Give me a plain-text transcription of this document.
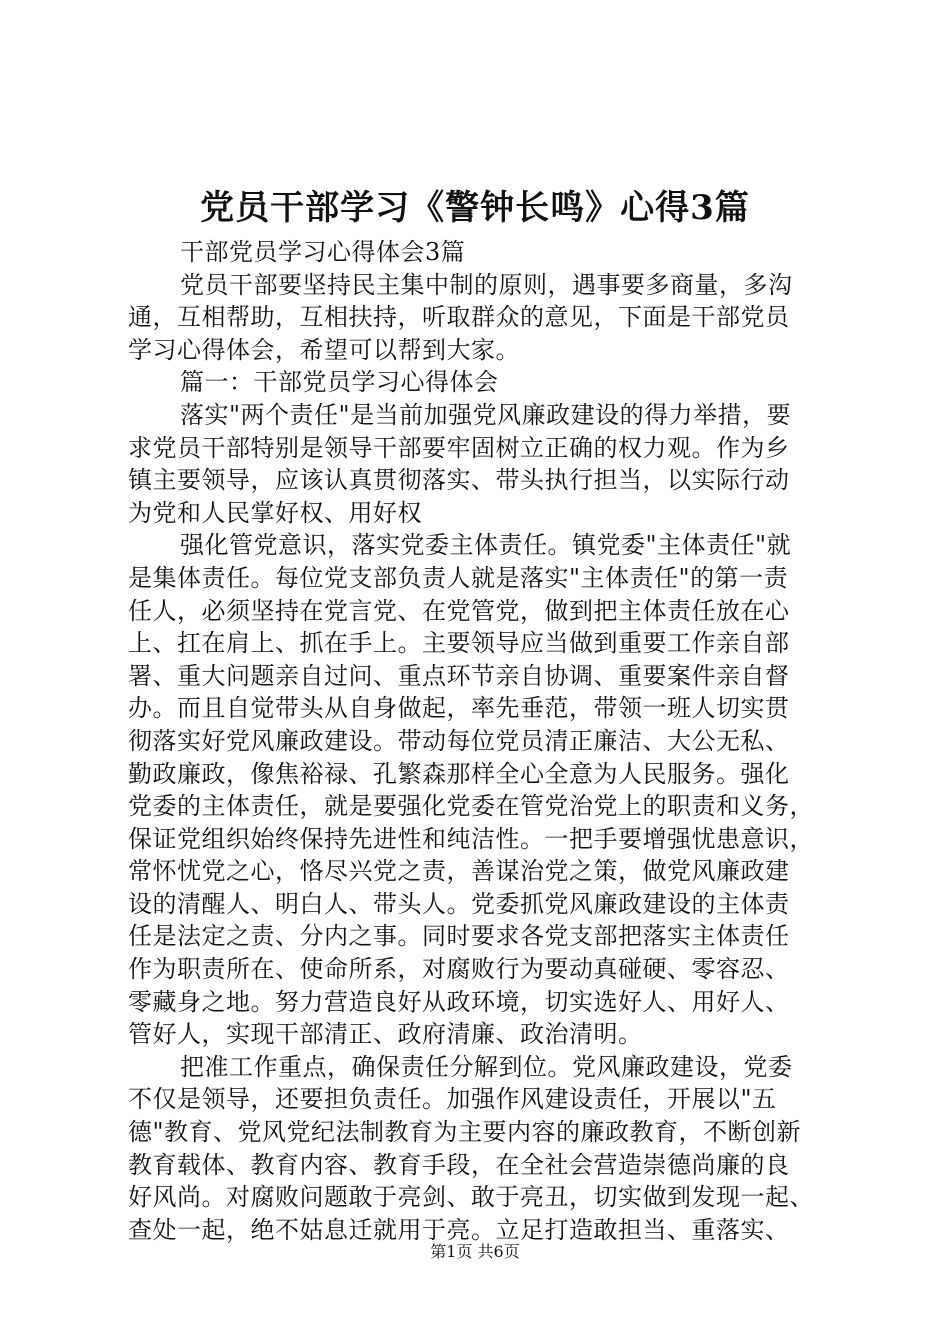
党员干部学习《警钟长鸣》心得3篇
干部党员学习心得体会3篇
党员干部要坚持民主集中制的原则，遇事要多商量，多沟
通，互相帮助，互相扶持，听取群众的意见，下面是干部党员
学习心得体会，希望可以帮到大家。
篇一：干部党员学习心得体会
落实"两个责任"是当前加强党风廉政建设的得力举措，要
求党员干部特别是领导干部要牢固树立正确的权力观。作为乡
镇主要领导，应该认真贯彻落实、带头执行担当，以实际行动
为党和人民掌好权、用好权
强化管党意识，落实党委主体责任。镇党委"主体责任"就
是集体责任。每位党支部负责人就是落实"主体责任"的第一责
任人，必须坚持在党言党、在党管党，做到把主体责任放在心
上、扛在肩上、抓在手上。主要领导应当做到重要工作亲自部
署、重大问题亲自过问、重点环节亲自协调、重要案件亲自督
办。而且自觉带头从自身做起，率先垂范，带领一班人切实贯
彻落实好党风廉政建设。带动每位党员清正廉洁、大公无私、
勤政廉政，像焦裕禄、孔繁森那样全心全意为人民服务。强化
党委的主体责任，就是要强化党委在管党治党上的职责和义务，
保证党组织始终保持先进性和纯洁性。一把手要增强忧患意识，
常怀忧党之心，恪尽兴党之责，善谋治党之策，做党风廉政建
设的清醒人、明白人、带头人。党委抓党风廉政建设的主体责
任是法定之责、分内之事。同时要求各党支部把落实主体责任
作为职责所在、使命所系，对腐败行为要动真碰硬、零容忍、
零藏身之地。努力营造良好从政环境，切实选好人、用好人、
管好人，实现干部清正、政府清廉、政治清明。
把准工作重点，确保责任分解到位。党风廉政建设，党委
不仅是领导，还要担负责任。加强作风建设责任，开展以"五
德"教育、党风党纪法制教育为主要内容的廉政教育，不断创新
教育载体、教育内容、教育手段，在全社会营造崇德尚廉的良
好风尚。对腐败问题敢于亮剑、敢于亮丑，切实做到发现一起、
查处一起，绝不姑息迁就用于亮。立足打造敢担当、重落实、
第1页 共6页
